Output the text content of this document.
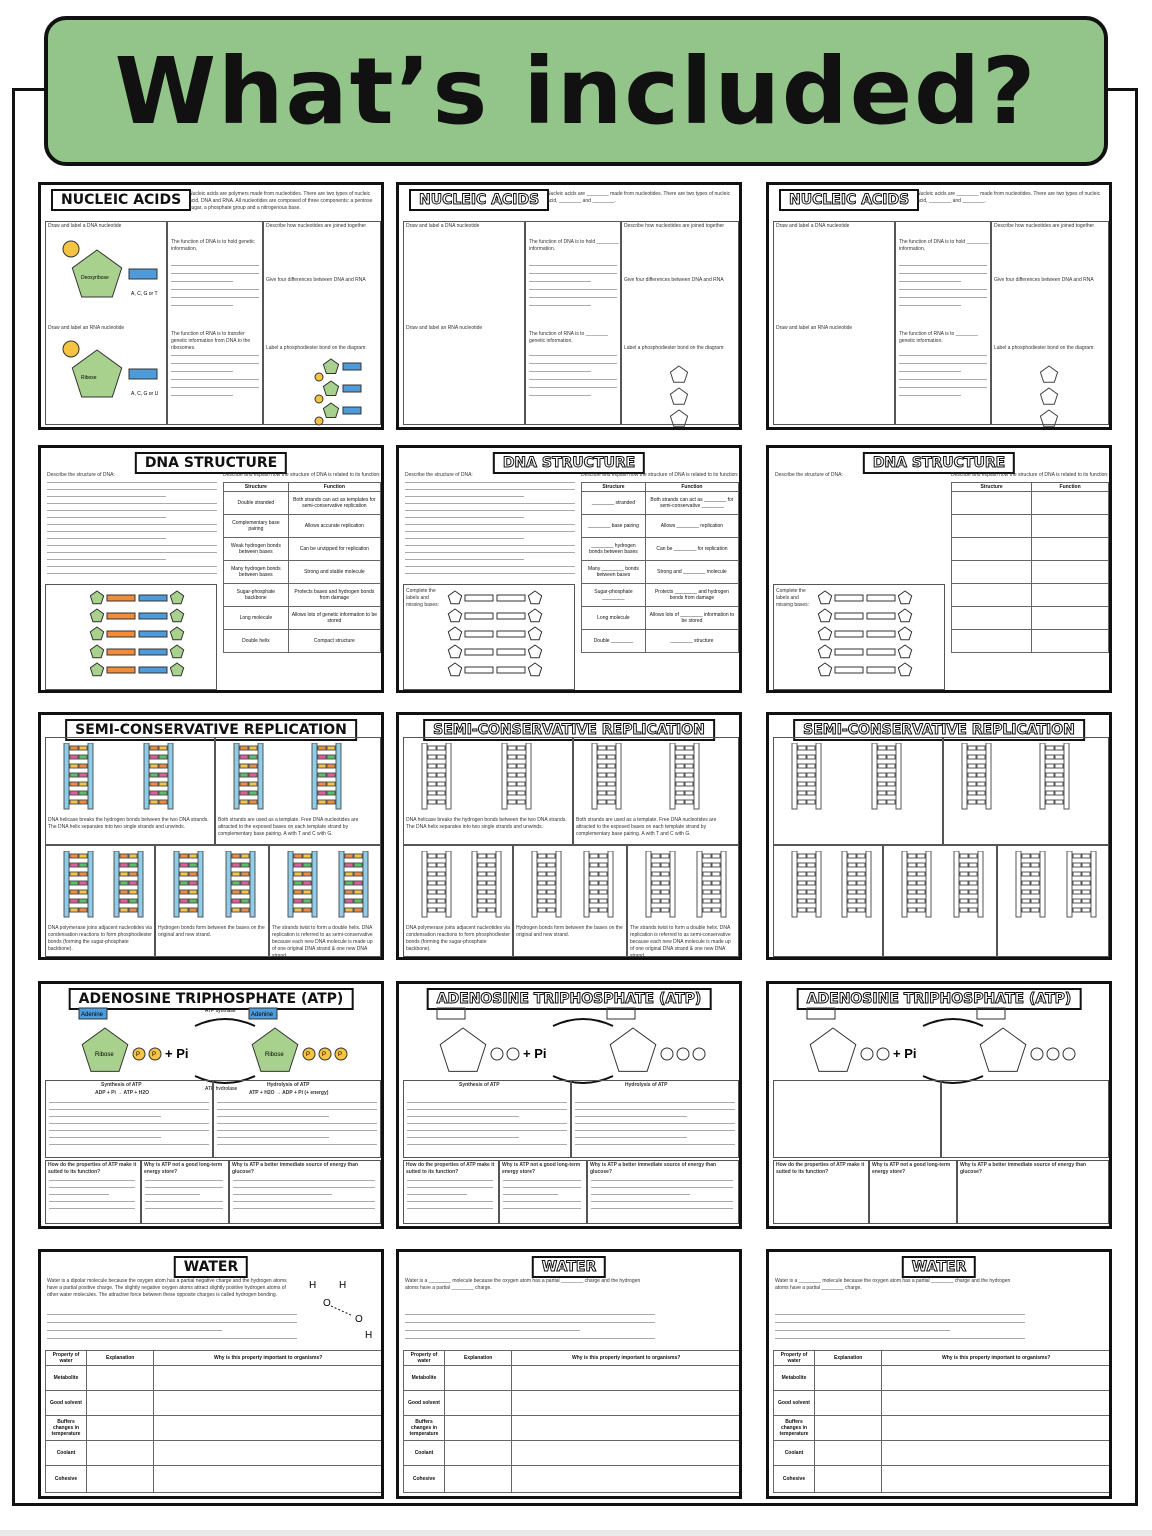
What’s included?
NUCLEIC ACIDS	Nucleic acids are polymers made from nucleotides. There are two types of nucleic acid, DNA and RNA. All nucleotides are composed of three components: a pentose sugar, a phosphate group and a nitrogenous base.
Draw and label a DNA nucleotide
Draw and label an RNA nucleotide
Describe how nucleotides are joined together
Give four differences between DNA and RNA
Label a phosphodiester bond on the diagram:
The function of DNA is to hold genetic information.
The function of RNA is to transfer genetic information from DNA to the ribosomes.
Deoxyribose
A, C, G or T
Ribose
A, C, G or U
NUCLEIC ACIDS	Nucleic acids are ________ made from nucleotides. There are two types of nucleic acid, ________ and ________.
Draw and label a DNA nucleotide
Draw and label an RNA nucleotide
Describe how nucleotides are joined together
Give four differences between DNA and RNA
Label a phosphodiester bond on the diagram:
The function of DNA is to hold ________ information.
The function of RNA is to ________ genetic information.
NUCLEIC ACIDS	Nucleic acids are ________ made from nucleotides. There are two types of nucleic acid, ________ and ________.
Draw and label a DNA nucleotide
Draw and label an RNA nucleotide
Describe how nucleotides are joined together
Give four differences between DNA and RNA
Label a phosphodiester bond on the diagram:
The function of DNA is to hold ________ information.
The function of RNA is to ________ genetic information.
DNA STRUCTURE
Describe the structure of DNA:	Describe and explain how the structure of DNA is related to its function:
Structure	Function
Double stranded	Both strands can act as templates for semi-conservative replication
Complementary base pairing	Allows accurate replication
Weak hydrogen bonds between bases	Can be unzipped for replication
Many hydrogen bonds between bases	Strong and stable molecule
Sugar-phosphate backbone	Protects bases and hydrogen bonds from damage
Long molecule	Allows lots of genetic information to be stored
Double helix	Compact structure
DNA STRUCTURE
Describe the structure of DNA:	Describe and explain how the structure of DNA is related to its function:
Complete the labels and missing bases:
Structure	Function
________ stranded	Both strands can act as ________ for semi-conservative ________
________ base pairing	Allows ________ replication
________ hydrogen bonds between bases	Can be ________ for replication
Many ________ bonds between bases	Strong and ________ molecule
Sugar-phosphate ________	Protects ________ and hydrogen bonds from damage
Long molecule	Allows lots of ________ information to be stored
Double ________	________ structure
DNA STRUCTURE
Describe the structure of DNA:	Describe and explain how the structure of DNA is related to its function:
Complete the labels and missing bases:
Structure	Function

SEMI-CONSERVATIVE REPLICATION
DNA helicase breaks the hydrogen bonds between the two DNA strands. The DNA helix separates into two single strands and unwinds.
Both strands are used as a template. Free DNA nucleotides are attracted to the exposed bases on each template strand by complementary base pairing. A with T and C with G.
DNA polymerase joins adjacent nucleotides via condensation reactions to form phosphodiester bonds (forming the sugar-phosphate backbone).
Hydrogen bonds form between the bases on the original and new strand.
The strands twist to form a double helix. DNA replication is referred to as semi-conservative because each new DNA molecule is made up of one original DNA strand & one new DNA strand.
SEMI-CONSERVATIVE REPLICATION
DNA helicase breaks the hydrogen bonds between the two DNA strands. The DNA helix separates into two single strands and unwinds.
Both strands are used as a template. Free DNA nucleotides are attracted to the exposed bases on each template strand by complementary base pairing. A with T and C with G.
DNA polymerase joins adjacent nucleotides via condensation reactions to form phosphodiester bonds (forming the sugar-phosphate backbone).
Hydrogen bonds form between the bases on the original and new strand.
The strands twist to form a double helix. DNA replication is referred to as semi-conservative because each new DNA molecule is made up of one original DNA strand & one new DNA strand.
SEMI-CONSERVATIVE REPLICATION
ADENOSINE TRIPHOSPHATE (ATP)
Adenine
Ribose	P P
Adenine
Ribose	P P P
+ Pi
ATP synthase
ATP hydrolase
Synthesis of ATP	Hydrolysis of ATP
ADP + Pi → ATP + H2O	ATP + H2O → ADP + Pi (+ energy)
How do the properties of ATP make it suited to its function?
Why is ATP not a good long-term energy store?
Why is ATP a better immediate source of energy than glucose?
ADENOSINE TRIPHOSPHATE (ATP)
+ Pi
Synthesis of ATP	Hydrolysis of ATP
How do the properties of ATP make it suited to its function?
Why is ATP not a good long-term energy store?
Why is ATP a better immediate source of energy than glucose?
ADENOSINE TRIPHOSPHATE (ATP)
+ Pi
How do the properties of ATP make it suited to its function?
Why is ATP not a good long-term energy store?
Why is ATP a better immediate source of energy than glucose?
WATER
Water is a dipolar molecule because the oxygen atom has a partial negative charge and the hydrogen atoms have a partial positive charge. The slightly negative oxygen atoms attract slightly positive hydrogen atoms of other water molecules. The attractive force between these opposite charges is called hydrogen bonding.
O
H H
O
H
Property of water	Explanation	Why is this property important to organisms?
Metabolite		
Good solvent		
Buffers changes in temperature		
Coolant		
Cohesive		
WATER
Water is a ________ molecule because the oxygen atom has a partial ________ charge and the hydrogen atoms have a partial ________ charge.
Property of water	Explanation	Why is this property important to organisms?
Metabolite		
Good solvent		
Buffers changes in temperature		
Coolant		
Cohesive		
WATER
Water is a ________ molecule because the oxygen atom has a partial ________ charge and the hydrogen atoms have a partial ________ charge.
Property of water	Explanation	Why is this property important to organisms?
Metabolite		
Good solvent		
Buffers changes in temperature		
Coolant		
Cohesive		
